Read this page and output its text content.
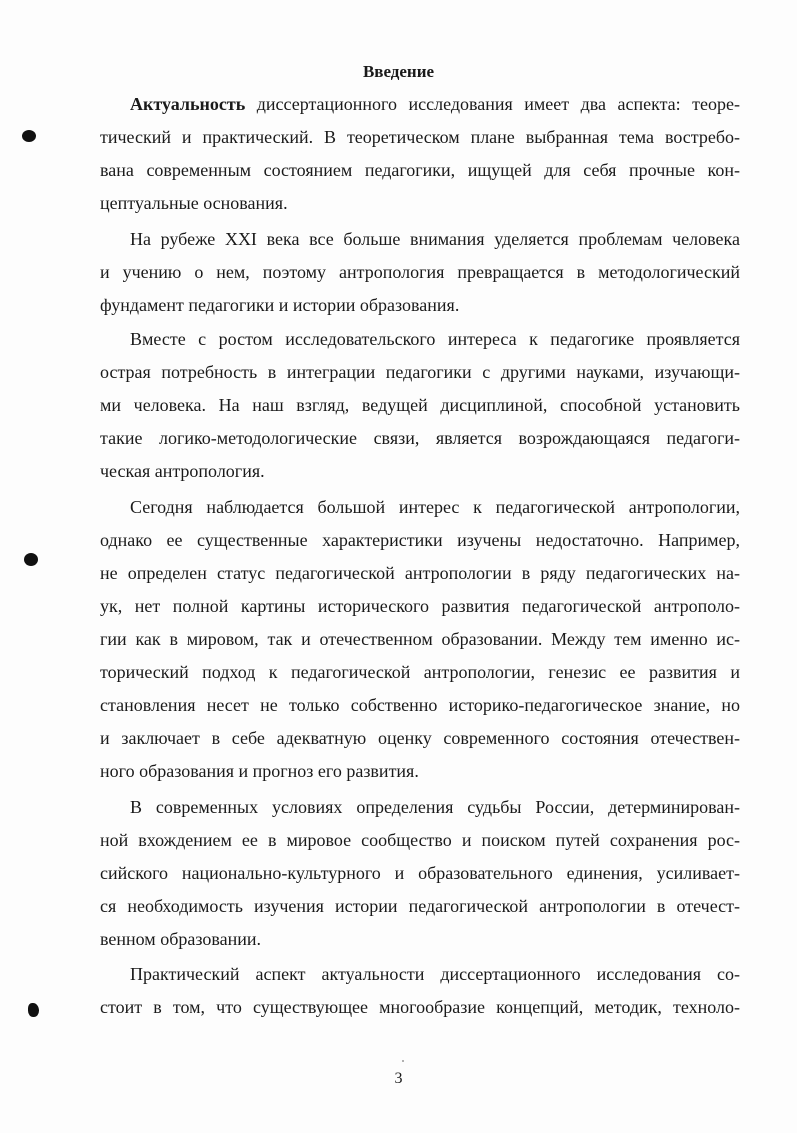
Введение
Актуальность диссертационного исследования имеет два аспекта: теоре-
тический и практический. В теоретическом плане выбранная тема востребо-
вана современным состоянием педагогики, ищущей для себя прочные кон-
цептуальные основания.
На рубеже XXI века все больше внимания уделяется проблемам человека
и учению о нем, поэтому антропология превращается в методологический
фундамент педагогики и истории образования.
Вместе с ростом исследовательского интереса к педагогике проявляется
острая потребность в интеграции педагогики с другими науками, изучающи-
ми человека. На наш взгляд, ведущей дисциплиной, способной установить
такие логико-методологические связи, является возрождающаяся педагоги-
ческая антропология.
Сегодня наблюдается большой интерес к педагогической антропологии,
однако ее существенные характеристики изучены недостаточно. Например,
не определен статус педагогической антропологии в ряду педагогических на-
ук, нет полной картины исторического развития педагогической антрополо-
гии как в мировом, так и отечественном образовании. Между тем именно ис-
торический подход к педагогической антропологии, генезис ее развития и
становления несет не только собственно историко-педагогическое знание, но
и заключает в себе адекватную оценку современного состояния отечествен-
ного образования и прогноз его развития.
В современных условиях определения судьбы России, детерминирован-
ной вхождением ее в мировое сообщество и поиском путей сохранения рос-
сийского национально-культурного и образовательного единения, усиливает-
ся необходимость изучения истории педагогической антропологии в отечест-
венном образовании.
Практический аспект актуальности диссертационного исследования со-
стоит в том, что существующее многообразие концепций, методик, техноло-
3
